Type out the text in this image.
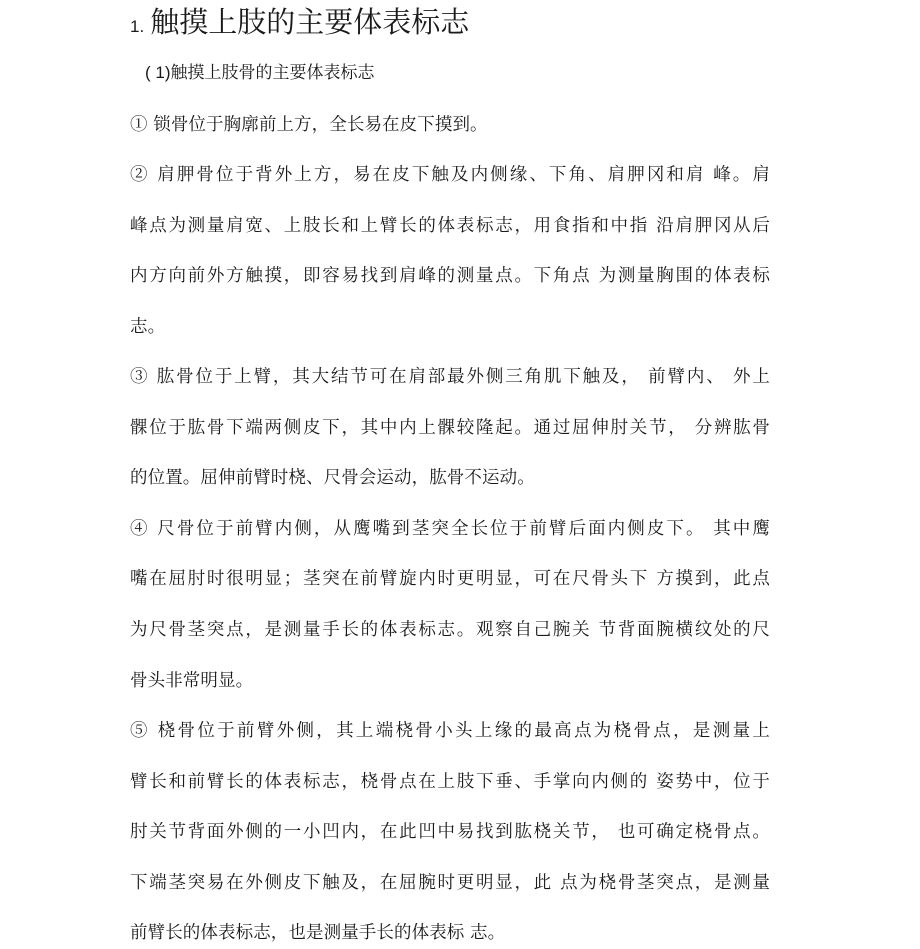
1. 触摸上肢的主要体表标志
( 1)触摸上肢骨的主要体表标志
① 锁骨位于胸廓前上方，全长易在皮下摸到。
② 肩胛骨位于背外上方，易在皮下触及内侧缘、下角、肩胛冈和肩 峰。肩
峰点为测量肩宽、上肢长和上臂长的体表标志，用食指和中指 沿肩胛冈从后
内方向前外方触摸，即容易找到肩峰的测量点。下角点 为测量胸围的体表标
志。
③ 肱骨位于上臂，其大结节可在肩部最外侧三角肌下触及， 前臂内、 外上
髁位于肱骨下端两侧皮下，其中内上髁较隆起。通过屈伸肘关节， 分辨肱骨
的位置。屈伸前臂时桡、尺骨会运动，肱骨不运动。
④ 尺骨位于前臂内侧，从鹰嘴到茎突全长位于前臂后面内侧皮下。 其中鹰
嘴在屈肘时很明显；茎突在前臂旋内时更明显，可在尺骨头下 方摸到，此点
为尺骨茎突点，是测量手长的体表标志。观察自己腕关 节背面腕横纹处的尺
骨头非常明显。
⑤ 桡骨位于前臂外侧，其上端桡骨小头上缘的最高点为桡骨点，是测量上
臂长和前臂长的体表标志，桡骨点在上肢下垂、手掌向内侧的 姿势中，位于
肘关节背面外侧的一小凹内，在此凹中易找到肱桡关节， 也可确定桡骨点。
下端茎突易在外侧皮下触及，在屈腕时更明显，此 点为桡骨茎突点，是测量
前臂长的体表标志，也是测量手长的体表标 志。
